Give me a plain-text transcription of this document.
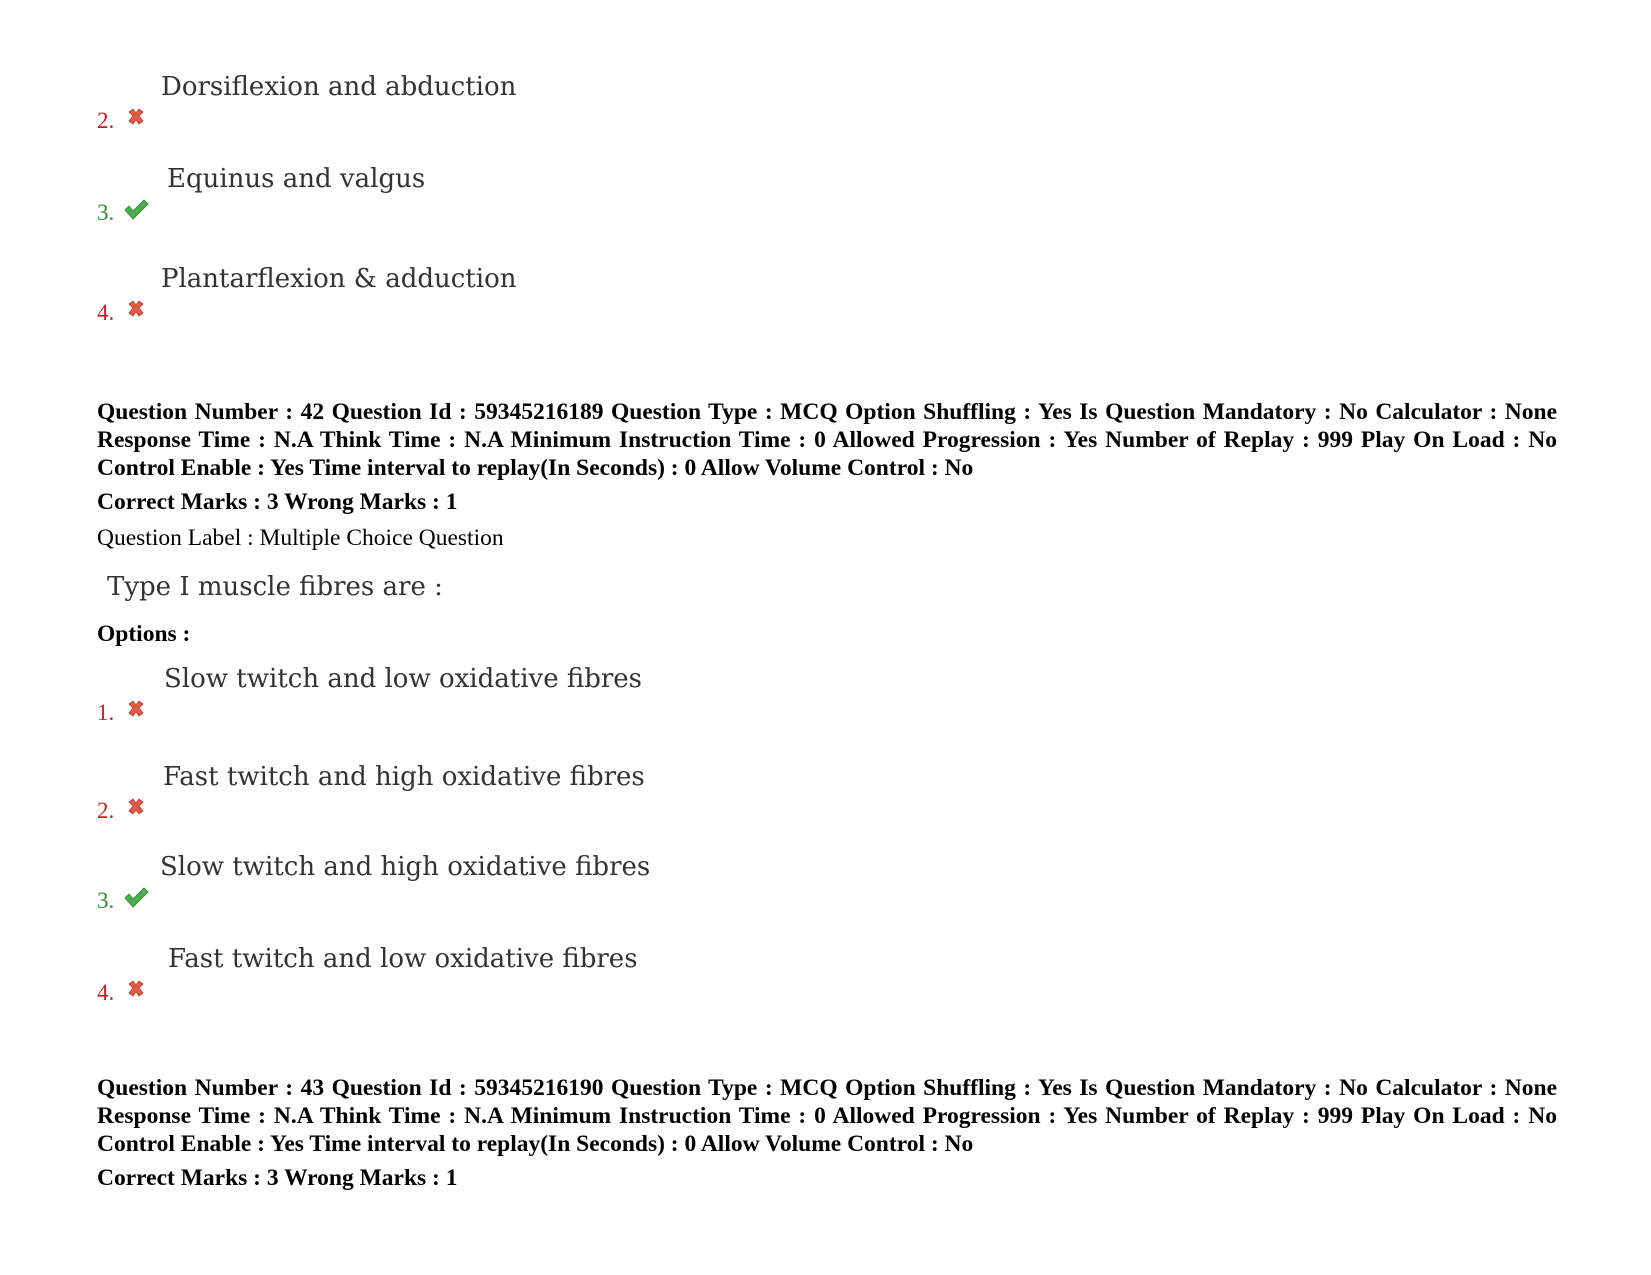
2.
Dorsiflexion and abduction
3.
Equinus and valgus
4.
Plantarflexion & adduction
Question Number : 42 Question Id : 59345216189 Question Type : MCQ Option Shuffling : Yes Is Question Mandatory : No Calculator : None Response Time : N.A Think Time : N.A Minimum Instruction Time : 0 Allowed Progression : Yes Number of Replay : 999 Play On Load : No Control Enable : Yes Time interval to replay(In Seconds) : 0 Allow Volume Control : No
Correct Marks : 3 Wrong Marks : 1
Question Label : Multiple Choice Question
Type I muscle fibres are :
Options :
1.
Slow twitch and low oxidative fibres
2.
Fast twitch and high oxidative fibres
3.
Slow twitch and high oxidative fibres
4.
Fast twitch and low oxidative fibres
Question Number : 43 Question Id : 59345216190 Question Type : MCQ Option Shuffling : Yes Is Question Mandatory : No Calculator : None Response Time : N.A Think Time : N.A Minimum Instruction Time : 0 Allowed Progression : Yes Number of Replay : 999 Play On Load : No Control Enable : Yes Time interval to replay(In Seconds) : 0 Allow Volume Control : No
Correct Marks : 3 Wrong Marks : 1
